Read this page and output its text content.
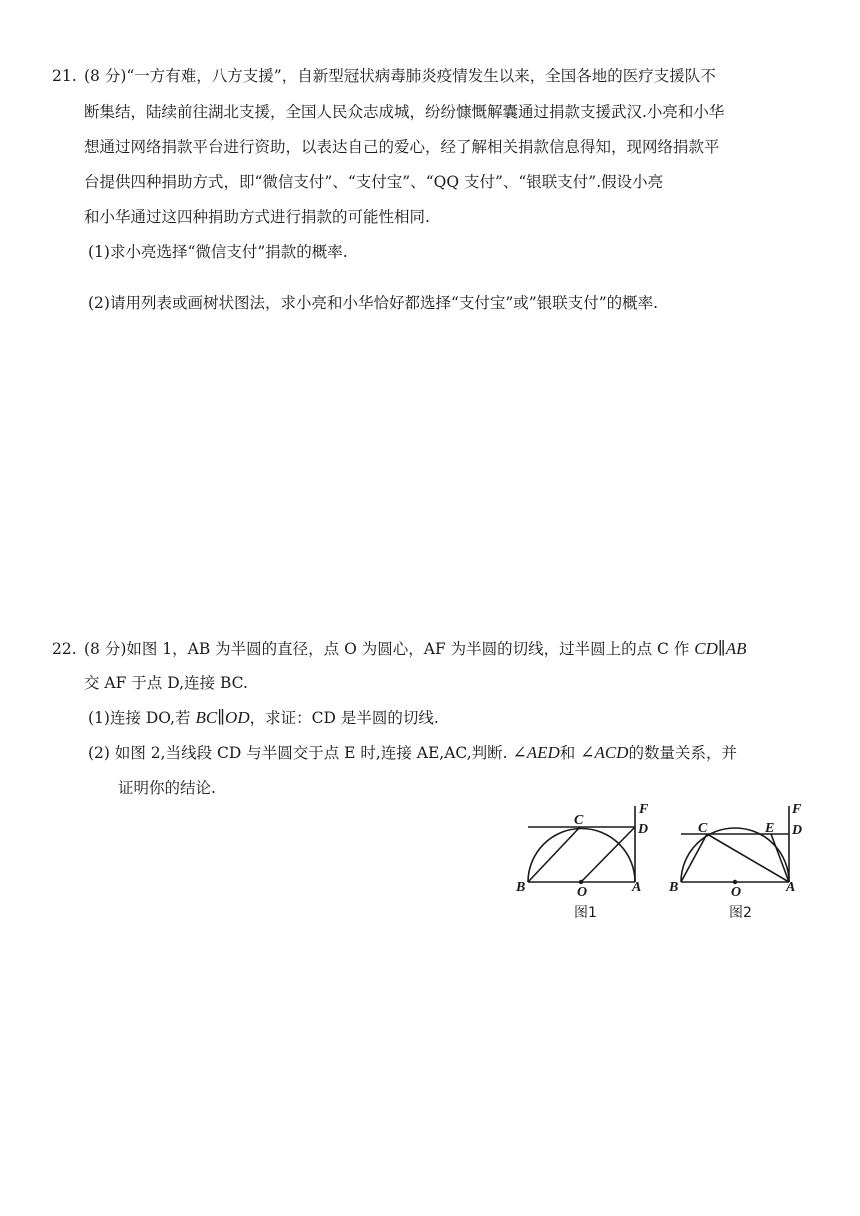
21. (8 分)“一方有难，八方支援”，自新型冠状病毒肺炎疫情发生以来，全国各地的医疗支援队不
断集结，陆续前往湖北支援，全国人民众志成城，纷纷慷慨解囊通过捐款支援武汉.小亮和小华
想通过网络捐款平台进行资助，以表达自己的爱心，经了解相关捐款信息得知，现网络捐款平
台提供四种捐助方式，即“微信支付”、“支付宝”、“QQ 支付”、“银联支付”.假设小亮
和小华通过这四种捐助方式进行捐款的可能性相同.
(1)求小亮选择“微信支付”捐款的概率.
(2)请用列表或画树状图法，求小亮和小华恰好都选择“支付宝”或”银联支付”的概率.
22. (8 分)如图 1，AB 为半圆的直径，点 O 为圆心，AF 为半圆的切线，过半圆上的点 C 作 CD∥AB
交 AF 于点 D,连接 BC.
(1)连接 DO,若 BC∥OD，求证：CD 是半圆的切线.
(2) 如图 2,当线段 CD 与半圆交于点 E 时,连接 AE,AC,判断. ∠AED和 ∠ACD的数量关系，并
证明你的结论.
B	O	A
C
D
F
图1
B	O	A
C	E D
F
图2
